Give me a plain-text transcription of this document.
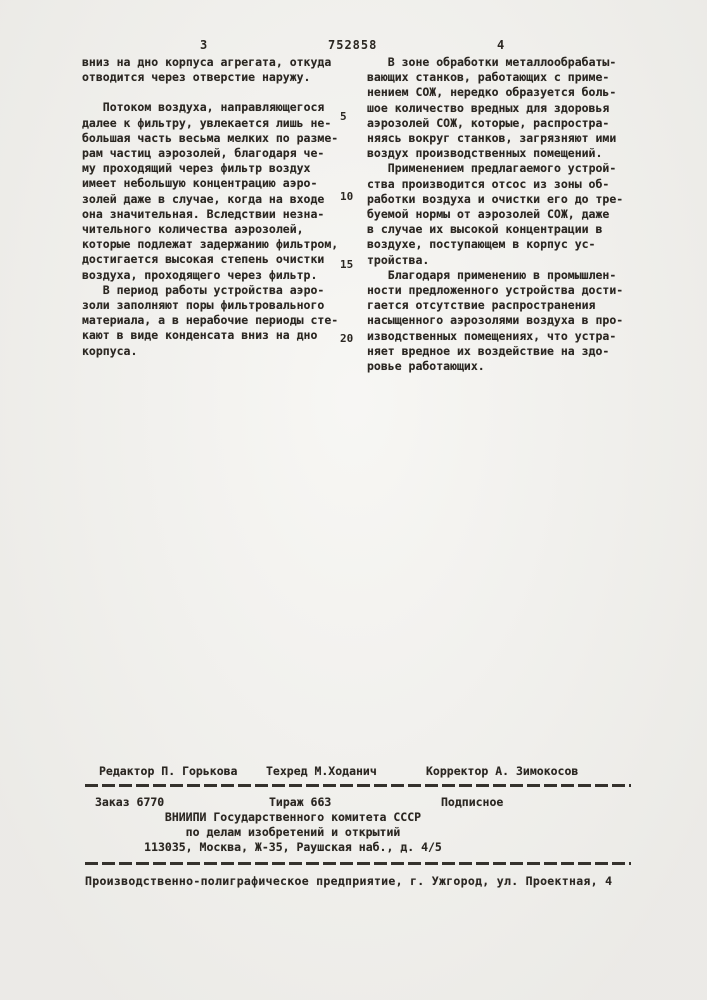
3	752858	4

вниз на дно корпуса агрегата, откуда
отводится через отверстие наружу.

Потоком воздуха, направляющегося
далее к фильтру, увлекается лишь не-
большая часть весьма мелких по разме-
рам частиц аэрозолей, благодаря че-
му проходящий через фильтр воздух
имеет небольшую концентрацию аэро-
золей даже в случае, когда на входе
она значительная. Вследствии незна-
чительного количества аэрозолей,
которые подлежат задержанию фильтром,
достигается высокая степень очистки
воздуха, проходящего через фильтр.

В период работы устройства аэро-
золи заполняют поры фильтровального
материала, а в нерабочие периоды сте-
кают в виде конденсата вниз на дно
корпуса.

5
10
15
20

В зоне обработки металлообрабаты-
вающих станков, работающих с приме-
нением СОЖ, нередко образуется боль-
шое количество вредных для здоровья
аэрозолей СОЖ, которые, распростра-
няясь вокруг станков, загрязняют ими
воздух производственных помещений.

Применением предлагаемого устрой-
ства производится отсос из зоны об-
работки воздуха и очистки его до тре-
буемой нормы от аэрозолей СОЖ, даже
в случае их высокой концентрации в
воздухе, поступающем в корпус ус-
тройства.

Благодаря применению в промышлен-
ности предложенного устройства дости-
гается отсутствие распространения
насыщенного аэрозолями воздуха в про-
изводственных помещениях, что устра-
няет вредное их воздействие на здо-
ровье работающих.

Редактор П. Горькова Техред М.Ходанич	Корректор А. Зимокосов
Заказ 6770	Тираж 663	Подписное
ВНИИПИ Государственного комитета СССР
по делам изобретений и открытий
113035, Москва, Ж-35, Раушская наб., д. 4/5
Производственно-полиграфическое предприятие, г. Ужгород, ул. Проектная, 4
